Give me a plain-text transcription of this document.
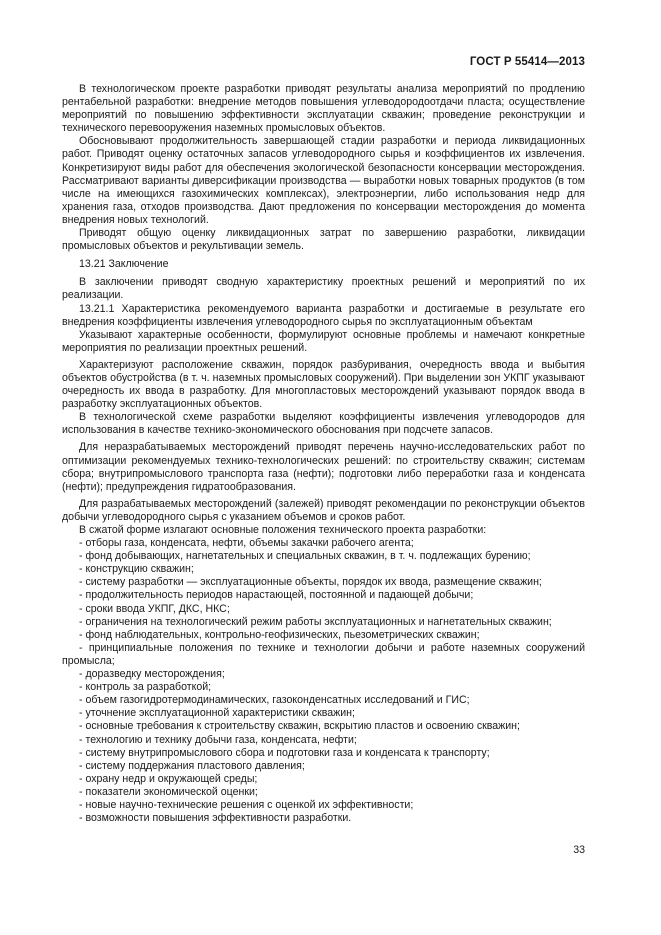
ГОСТ Р 55414—2013

В технологическом проекте разработки приводят результаты анализа мероприятий по продлению рентабельной разработки: внедрение методов повышения углеводородоотдачи пласта; осуществление мероприятий по повышению эффективности эксплуатации скважин; проведение реконструкции и технического перевооружения наземных промысловых объектов.

Обосновывают продолжительность завершающей стадии разработки и периода ликвидационных работ. Приводят оценку остаточных запасов углеводородного сырья и коэффициентов их извлечения. Конкретизируют виды работ для обеспечения экологической безопасности консервации месторождения. Рассматривают варианты диверсификации производства — выработки новых товарных продуктов (в том числе на имеющихся газохимических комплексах), электроэнергии, либо использования недр для хранения газа, отходов производства. Дают предложения по консервации месторождения до момента внедрения новых технологий.

Приводят общую оценку ликвидационных затрат по завершению разработки, ликвидации промысловых объектов и рекультивации земель.

13.21 Заключение

В заключении приводят сводную характеристику проектных решений и мероприятий по их реализации.

13.21.1 Характеристика рекомендуемого варианта разработки и достигаемые в результате его внедрения коэффициенты извлечения углеводородного сырья по эксплуатационным объектам

Указывают характерные особенности, формулируют основные проблемы и намечают конкретные мероприятия по реализации проектных решений.

Характеризуют расположение скважин, порядок разбуривания, очередность ввода и выбытия объектов обустройства (в т. ч. наземных промысловых сооружений). При выделении зон УКПГ указывают очередность их ввода в разработку. Для многопластовых месторождений указывают порядок ввода в разработку эксплуатационных объектов.

В технологической схеме разработки выделяют коэффициенты извлечения углеводородов для использования в качестве технико-экономического обоснования при подсчете запасов.

Для неразрабатываемых месторождений приводят перечень научно-исследовательских работ по оптимизации рекомендуемых технико-технологических решений: по строительству скважин; системам сбора; внутрипромыслового транспорта газа (нефти); подготовки либо переработки газа и конденсата (нефти); предупреждения гидратообразования.

Для разрабатываемых месторождений (залежей) приводят рекомендации по реконструкции объектов добычи углеводородного сырья с указанием объемов и сроков работ.

В сжатой форме излагают основные положения технического проекта разработки:

- отборы газа, конденсата, нефти, объемы закачки рабочего агента;

- фонд добывающих, нагнетательных и специальных скважин, в т. ч. подлежащих бурению;

- конструкцию скважин;

- систему разработки — эксплуатационные объекты, порядок их ввода, размещение скважин;

- продолжительность периодов нарастающей, постоянной и падающей добычи;

- сроки ввода УКПГ, ДКС, НКС;

- ограничения на технологический режим работы эксплуатационных и нагнетательных скважин;

- фонд наблюдательных, контрольно-геофизических, пьезометрических скважин;

- принципиальные положения по технике и технологии добычи и работе наземных сооружений промысла;

- доразведку месторождения;

- контроль за разработкой;

- объем газогидротермодинамических, газоконденсатных исследований и ГИС;

- уточнение эксплуатационной характеристики скважин;

- основные требования к строительству скважин, вскрытию пластов и освоению скважин;

- технологию и технику добычи газа, конденсата, нефти;

- систему внутрипромыслового сбора и подготовки газа и конденсата к транспорту;

- систему поддержания пластового давления;

- охрану недр и окружающей среды;

- показатели экономической оценки;

- новые научно-технические решения с оценкой их эффективности;

- возможности повышения эффективности разработки.

33
